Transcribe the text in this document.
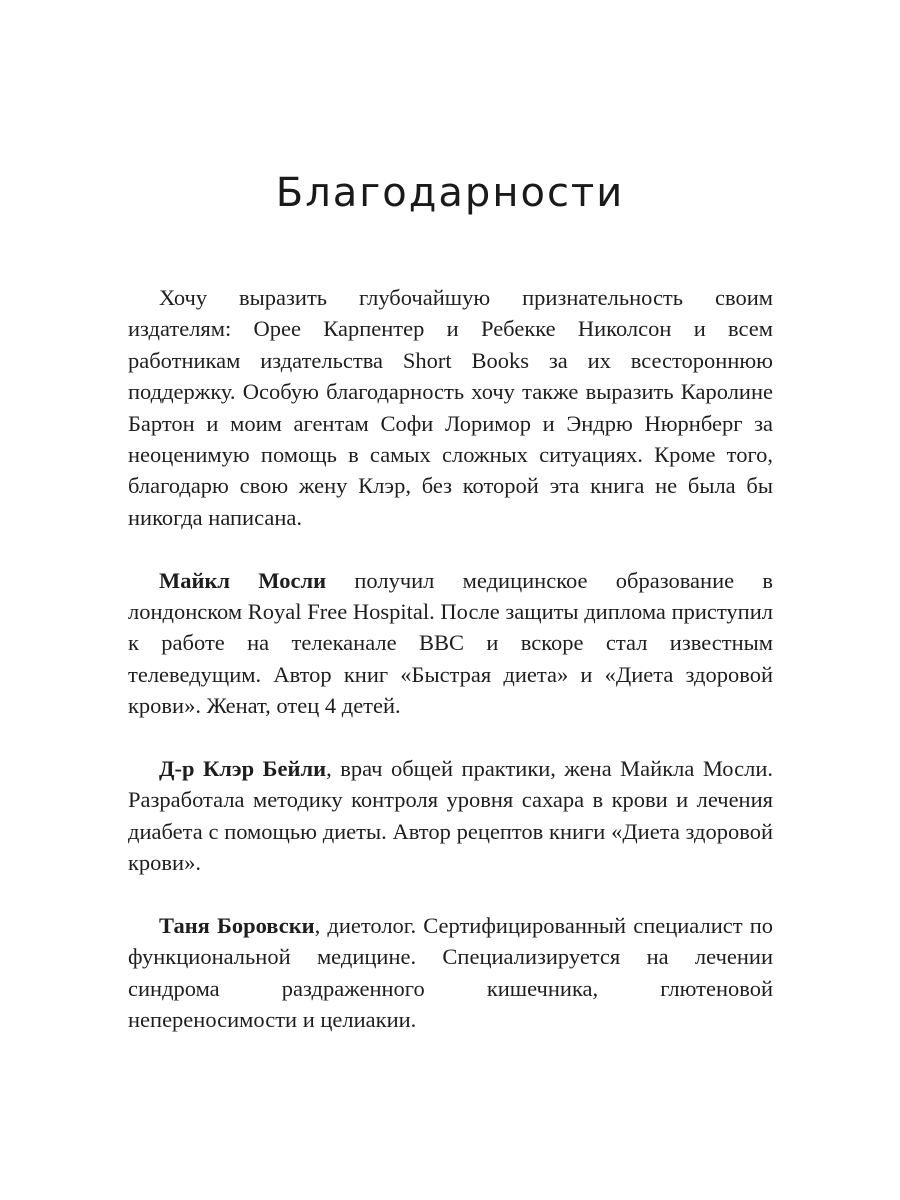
Благодарности

Хочу выразить глубочайшую признательность своим издателям: Орее Карпентер и Ребекке Николсон и всем работникам издательства Short Books за их всестороннюю поддержку. Особую благодарность хочу также выразить Каролине Бартон и моим агентам Софи Лоримор и Эндрю Нюрнберг за неоценимую помощь в самых сложных ситуациях. Кроме того, благодарю свою жену Клэр, без которой эта книга не была бы никогда написана.

Майкл Мосли получил медицинское образование в лондонском Royal Free Hospital. После защиты диплома приступил к работе на телеканале BBC и вскоре стал известным телеведущим. Автор книг «Быстрая диета» и «Диета здоровой крови». Женат, отец 4 детей.

Д-р Клэр Бейли, врач общей практики, жена Майкла Мосли. Разработала методику контроля уровня сахара в крови и лечения диабета с помощью диеты. Автор рецептов книги «Диета здоровой крови».

Таня Боровски, диетолог. Сертифицированный специалист по функциональной медицине. Специализируется на лечении синдрома раздраженного кишечника, глютеновой непереносимости и целиакии.
